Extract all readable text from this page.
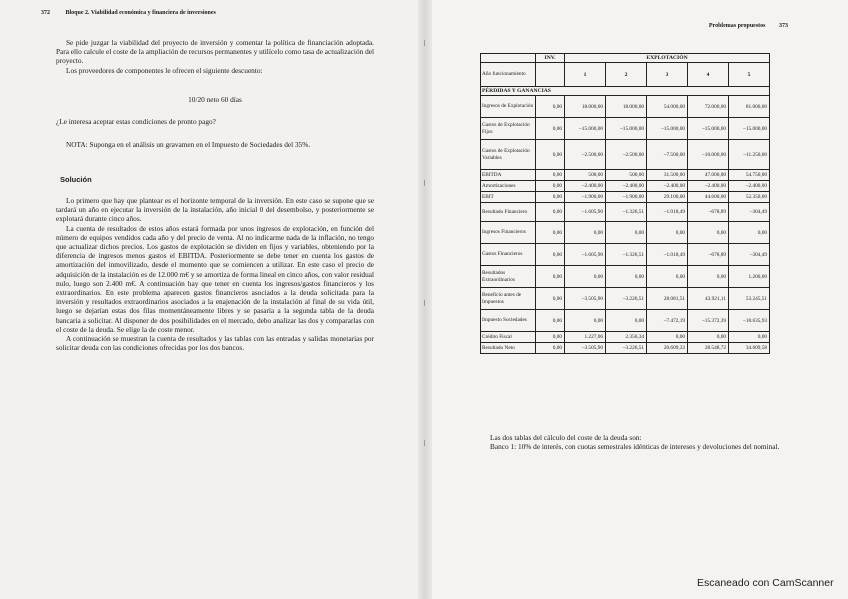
372	Bloque 2. Viabilidad económica y financiera de inversiones

Se pide juzgar la viabilidad del proyecto de inversión y comentar la política de financiación adoptada. Para ello calcule el coste de la ampliación de recursos permanentes y utilícelo como tasa de actualización del proyecto.

Los proveedores de componentes le ofrecen el siguiente descuento:

10/20 neto 60 días

¿Le interesa aceptar estas condiciones de pronto pago?

NOTA: Suponga en el análisis un gravamen en el Impuesto de Sociedades del 35%.

Solución

Lo primero que hay que plantear es el horizonte temporal de la inversión. En este caso se supone que se tardará un año en ejecutar la inversión de la instalación, año inicial 0 del desembolso, y posteriormente se explotará durante cinco años.

La cuenta de resultados de estos años estará formada por unos ingresos de explotación, en función del número de equipos vendidos cada año y del precio de venta. Al no indicarme nada de la inflación, no tengo que actualizar dichos precios. Los gastos de explotación se dividen en fijos y variables, obteniendo por la diferencia de ingresos menos gastos el EBITDA. Posteriormente se debe tener en cuenta los gastos de amortización del inmovilizado, desde el momento que se comiencen a utilizar. En este caso el precio de adquisición de la instalación es de 12.000 m€ y se amortiza de forma lineal en cinco años, con valor residual nulo, luego son 2.400 m€. A continuación hay que tener en cuenta los ingresos/gastos financieros y los extraordinarios. En este problema aparecen gastos financieros asociados a la deuda solicitada para la inversión y resultados extraordinarios asociados a la enajenación de la instalación al final de su vida útil, luego se dejarían estas dos filas momentáneamente libres y se pasaría a la segunda tabla de la deuda bancaria a solicitar. Al disponer de dos posibilidades en el mercado, debo analizar las dos y compararlas con el coste de la deuda. Se elige la de coste menor.

A continuación se muestran la cuenta de resultados y las tablas con las entradas y salidas monetarias por solicitar deuda con las condiciones ofrecidas por los dos bancos.

Problemas propuestos 373
	INV.	EXPLOTACIÓN				
Año funcionamiento		1	2	3	4	5
PÉRDIDAS Y GANANCIAS						
Ingresos de Explotación	0,00	18.000,00	18.000,00	54.000,00	72.000,00	81.000,00
Gastos de Explotación Fijos	0,00	–15.000,00	–15.000,00	–15.000,00	–15.000,00	–15.000,00
Gastos de Explotación Variables	0,00	–2.500,00	–2.500,00	–7.500,00	–10.000,00	–11.250,00
EBITDA	0,00	500,00	500,00	31.500,00	47.000,00	54.750,00
Amortizaciones	0,00	–2.400,00	–2.400,00	–2.400,00	–2.400,00	–2.400,00
EBIT	0,00	–1.900,00	–1.900,00	29.100,00	44.600,00	52.350,00
Resultado Financiero	0,00	–1.605,90	–1.326,51	–1.018,49	–678,89	–304,49
Ingresos Financieros	0,00	0,00	0,00	0,00	0,00	0,00
Gastos Financieros	0,00	–1.605,90	–1.326,51	–1.018,49	–678,89	–304,49
Resultados Extraordinarios	0,00	0,00	0,00	0,00	0,00	1.200,00
Beneficio antes de Impuestos	0,00	–3.505,90	–3.226,51	28.081,51	43.921,11	53.245,51
Impuesto Sociedades	0,00	0,00	0,00	–7.472,19	–15.372,39	–18.635,93
Crédito Fiscal	0,00	1.227,06	2.356,34	0,00	0,00	0,00
Resultado Neto	0,00	–3.505,90	–3.226,51	20.609,33	28.548,72	34.609,58

Las dos tablas del cálculo del coste de la deuda son:

Banco 1: 10% de interés, con cuotas semestrales idénticas de intereses y devoluciones del nominal.

Escaneado con CamScanner
